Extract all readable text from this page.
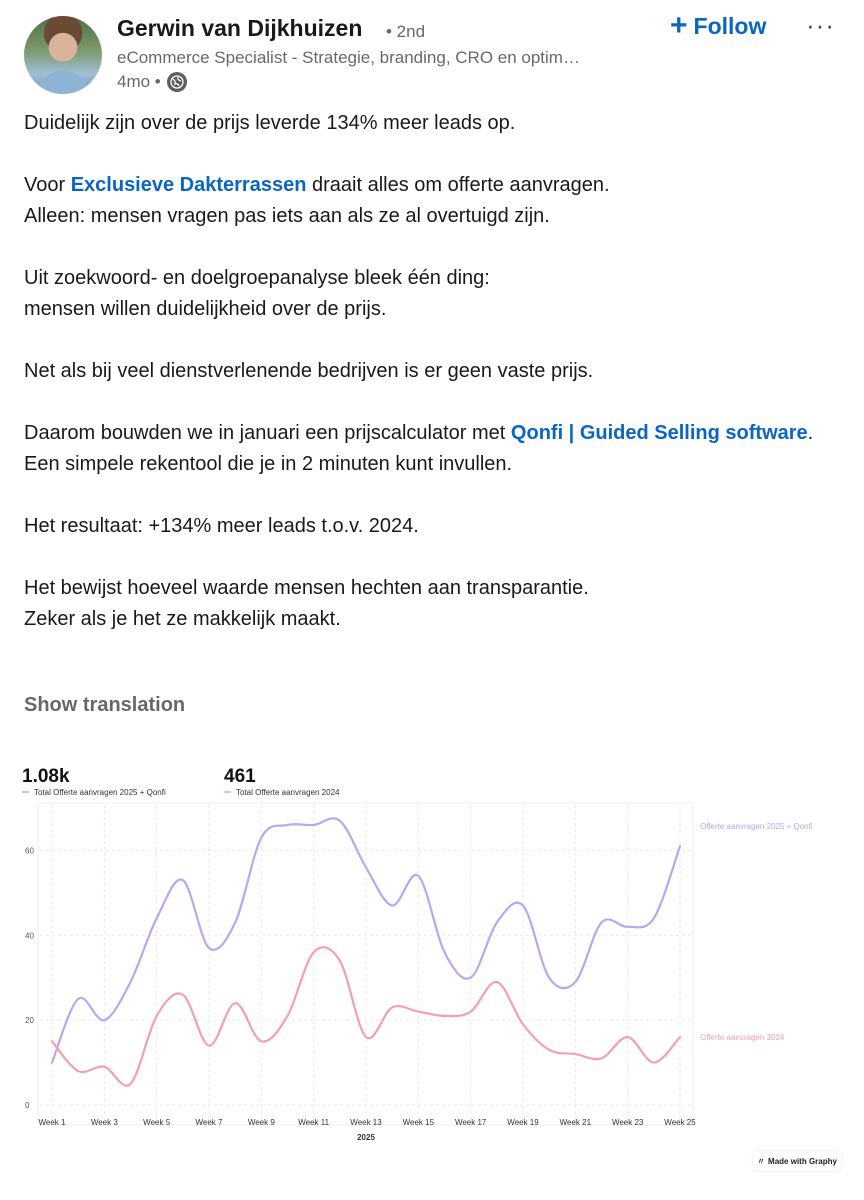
Gerwin van Dijkhuizen • 2nd
eCommerce Specialist - Strategie, branding, CRO en optim…
4mo •
+ Follow ···

Duidelijk zijn over de prijs leverde 134% meer leads op.

Voor Exclusieve Dakterrassen draait alles om offerte aanvragen.
Alleen: mensen vragen pas iets aan als ze al overtuigd zijn.

Uit zoekwoord- en doelgroepanalyse bleek één ding:
mensen willen duidelijkheid over de prijs.

Net als bij veel dienstverlenende bedrijven is er geen vaste prijs.

Daarom bouwden we in januari een prijscalculator met Qonfi | Guided Selling software.
Een simpele rekentool die je in 2 minuten kunt invullen.

Het resultaat: +134% meer leads t.o.v. 2024.

Het bewijst hoeveel waarde mensen hechten aan transparantie.
Zeker als je het ze makkelijk maakt.

Show translation
0
20
40
60
Week 1	Week 3	Week 5	Week 7	Week 9	Week 11	Week 13	Week 15	Week 17	Week 19	Week 21	Week 23	Week 25
2025
Offerte aanvragen 2025 + Qonfi
Offerte aanvragen 2024
1.08k
Total Offerte aanvragen 2025 + Qonfi
461
Total Offerte aanvragen 2024
〃 Made with Graphy
